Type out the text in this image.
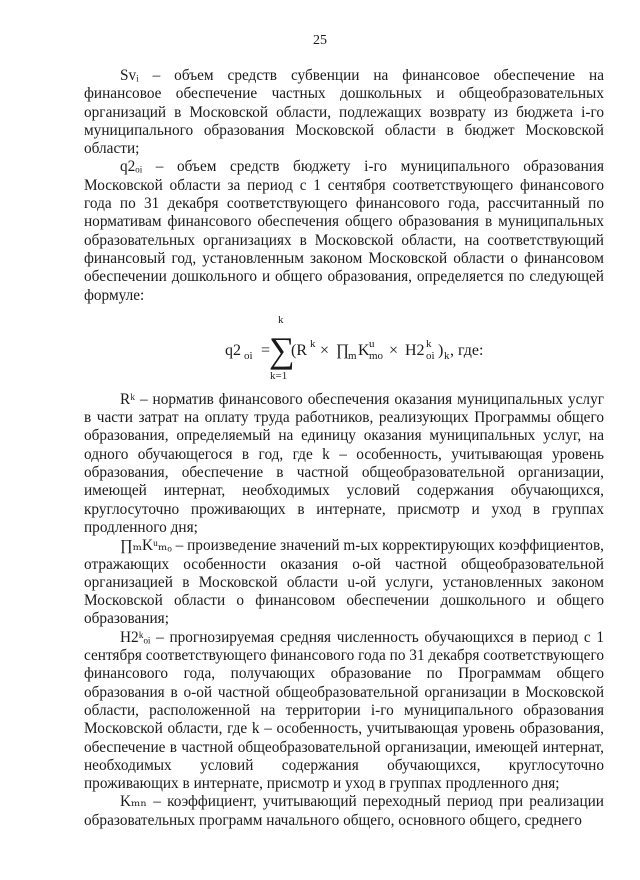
25

Svᵢ – объем средств субвенции на финансовое обеспечение на финансовое обеспечение частных дошкольных и общеобразовательных организаций в Московской области, подлежащих возврату из бюджета i-го муниципального образования Московской области в бюджет Московской области;

q2ₒᵢ – объем средств бюджету i-го муниципального образования Московской области за период с 1 сентября соответствующего финансового года по 31 декабря соответствующего финансового года, рассчитанный по нормативам финансового обеспечения общего образования в муниципальных образовательных организациях в Московской области, на соответствующий финансовый год, установленным законом Московской области о финансовом обеспечении дошкольного и общего образования, определяется по следующей формуле:

q2 oi =
k
∑
k=1
(R k × ∏
m K u
mo × H2 k
oi ) k , где:

Rᵏ – норматив финансового обеспечения оказания муниципальных услуг в части затрат на оплату труда работников, реализующих Программы общего образования, определяемый на единицу оказания муниципальных услуг, на одного обучающегося в год, где k – особенность, учитывающая уровень образования, обеспечение в частной общеобразовательной организации, имеющей интернат, необходимых условий содержания обучающихся, круглосуточно проживающих в интернате, присмотр и уход в группах продленного дня;

∏ₘKᵘₘₒ – произведение значений m-ых корректирующих коэффициентов, отражающих особенности оказания о-ой частной общеобразовательной организацией в Московской области u-ой услуги, установленных законом Московской области о финансовом обеспечении дошкольного и общего образования;

H2ᵏₒᵢ – прогнозируемая средняя численность обучающихся в период с 1 сентября соответствующего финансового года по 31 декабря соответствующего финансового года, получающих образование по Программам общего образования в о-ой частной общеобразовательной организации в Московской области, расположенной на территории i-го муниципального образования Московской области, где k – особенность, учитывающая уровень образования, обеспечение в частной общеобразовательной организации, имеющей интернат, необходимых условий содержания обучающихся, круглосуточно проживающих в интернате, присмотр и уход в группах продленного дня;

Kₘₙ – коэффициент, учитывающий переходный период при реализации образовательных программ начального общего, основного общего, среднего
